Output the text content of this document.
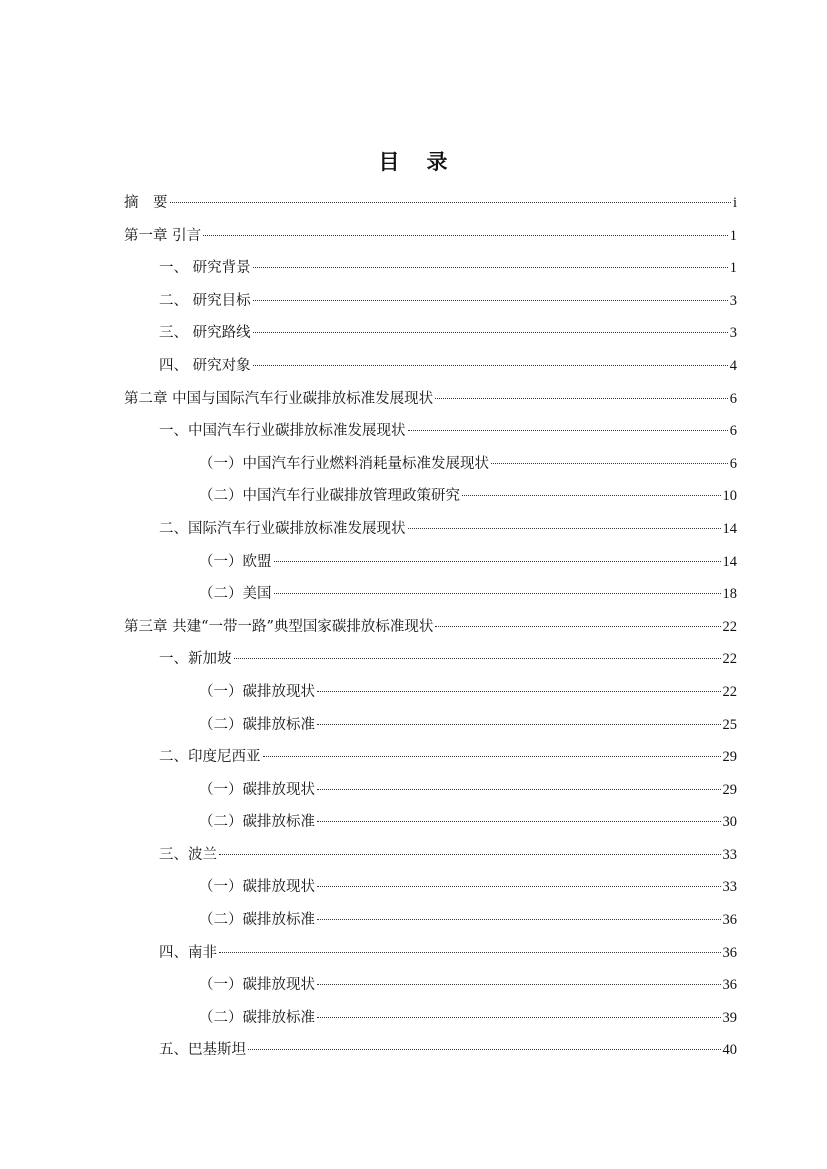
目 录
摘　要	i
第一章 引言	1
一、 研究背景	1
二、 研究目标	3
三、 研究路线	3
四、 研究对象	4
第二章 中国与国际汽车行业碳排放标准发展现状	6
一、中国汽车行业碳排放标准发展现状	6
（一）中国汽车行业燃料消耗量标准发展现状	6
（二）中国汽车行业碳排放管理政策研究	10
二、国际汽车行业碳排放标准发展现状	14
（一）欧盟	14
（二）美国	18
第三章 共建“一带一路”典型国家碳排放标准现状	22
一、新加坡	22
（一）碳排放现状	22
（二）碳排放标准	25
二、印度尼西亚	29
（一）碳排放现状	29
（二）碳排放标准	30
三、波兰	33
（一）碳排放现状	33
（二）碳排放标准	36
四、南非	36
（一）碳排放现状	36
（二）碳排放标准	39
五、巴基斯坦	40
